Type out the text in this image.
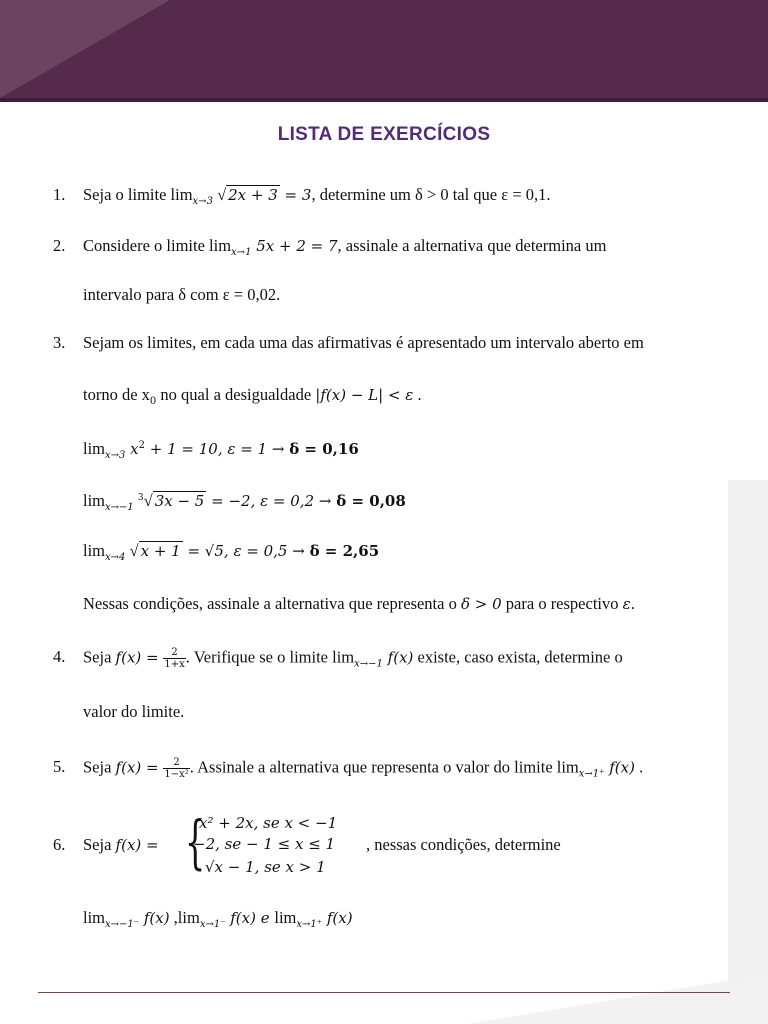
LISTA DE EXERCÍCIOS
1. Seja o limite $\lim_{x\to 3}$ √ 2x + 3 = 3, determine um δ > 0 tal que ε = 0,1.
2. Considere o limite $\lim_{x\to 1} 5x + 2 = 7$, assinale a alternativa que determina um
intervalo para δ com ε = 0,02.
3. Sejam os limites, em cada uma das afirmativas é apresentado um intervalo aberto em
torno de $x_0$ no qual a desigualdade |f(x) − L| < ε .
$\lim_{x\to 3} x^2 + 1 = 10$, ε = 1 → δ = 0,16
$\lim_{x\to-1} ^3√$ 3x − 5 = −2, ε = 0,2 → δ = 0,08
$\lim_{x\to 4}$ √ x + 1 = √5, ε = 0,5 → δ = 2,65
Nessas condições, assinale a alternativa que representa o δ > 0 para o respectivo ε.
4. Seja $f(x) = \frac{2}{1+x}$ . Verifique se o limite $\lim_{x\to-1} f(x)$ existe, caso exista, determine o
valor do limite.
5. Seja $f(x) = \frac{2}{\text{1−x²}}$ . Assinale a alternativa que representa o valor do limite $\lim_{x\to 1^+} f(x)$ .
6. Seja f(x) = {
x² + 2x, se x < −1
−2, se − 1 ≤ x ≤ 1
√x − 1, se x > 1
, nessas condições, determine
$\lim_{x\to-1^-} f(x)$ $,\lim_{x\to 1^-}$ f(x) e $\lim_{x\to 1^+} f(x)$
